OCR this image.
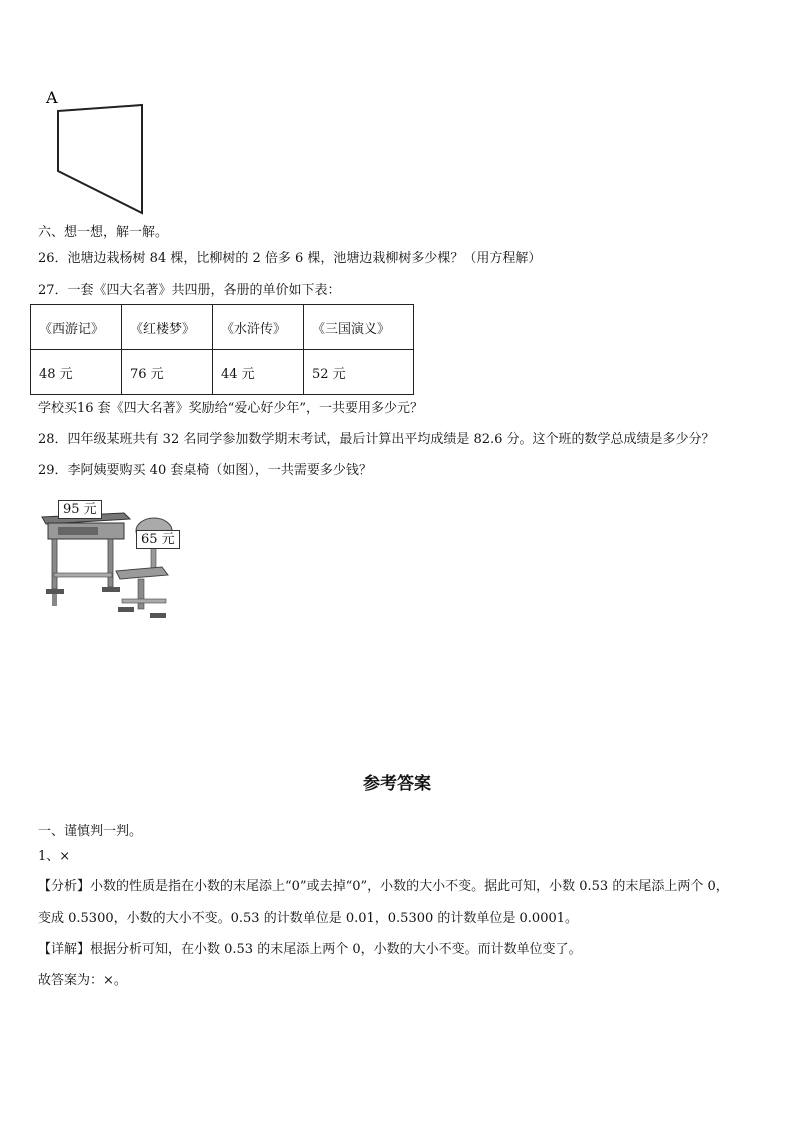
A
六、想一想，解一解。
26．池塘边栽杨树 84 棵，比柳树的 2 倍多 6 棵，池塘边栽柳树多少棵？（用方程解）
27．一套《四大名著》共四册，各册的单价如下表：
《西游记》	《红楼梦》	《水浒传》	《三国演义》
48 元	76 元	44 元	52 元
学校买16 套《四大名著》奖励给“爱心好少年”，一共要用多少元？
28．四年级某班共有 32 名同学参加数学期末考试，最后计算出平均成绩是 82.6 分。这个班的数学总成绩是多少分？
29．李阿姨要购买 40 套桌椅（如图），一共需要多少钱？
95 元
65 元
参考答案
一、谨慎判一判。
1、×
【分析】小数的性质是指在小数的末尾添上“0”或去掉“0”，小数的大小不变。据此可知，小数 0.53 的末尾添上两个 0，
变成 0.5300，小数的大小不变。0.53 的计数单位是 0.01，0.5300 的计数单位是 0.0001。
【详解】根据分析可知，在小数 0.53 的末尾添上两个 0，小数的大小不变。而计数单位变了。
故答案为：×。
